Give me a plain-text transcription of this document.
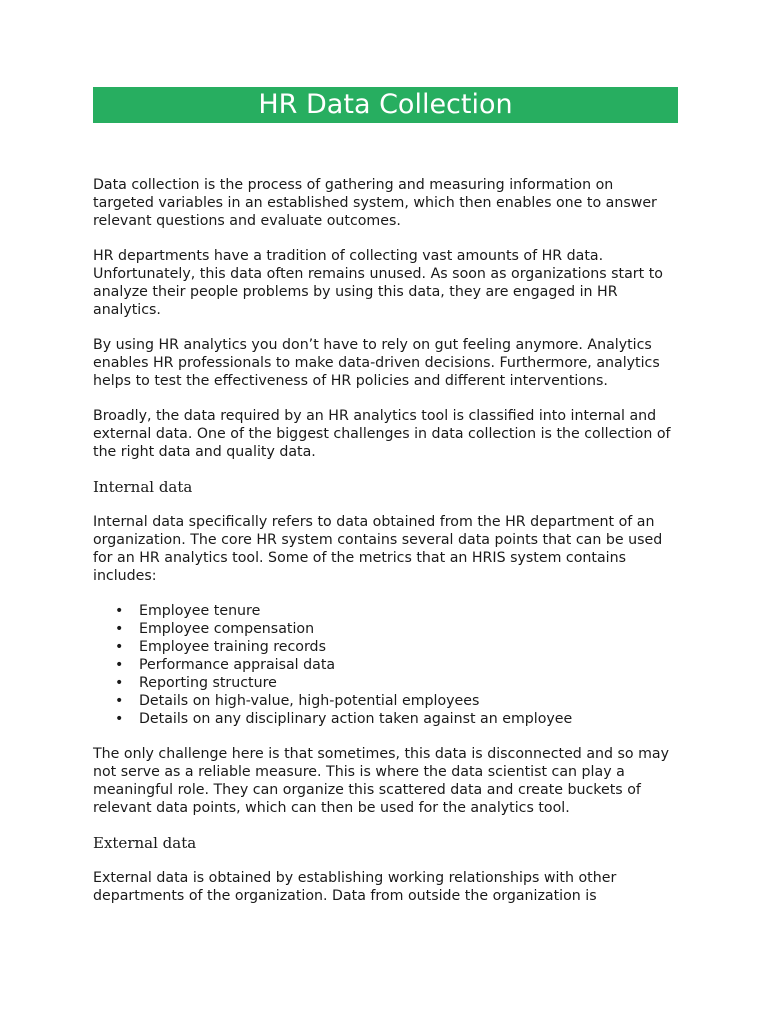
HR Data Collection

Data collection is the process of gathering and measuring information on targeted variables in an established system, which then enables one to answer relevant questions and evaluate outcomes.

HR departments have a tradition of collecting vast amounts of HR data. Unfortunately, this data often remains unused. As soon as organizations start to analyze their people problems by using this data, they are engaged in HR analytics.

By using HR analytics you don’t have to rely on gut feeling anymore. Analytics enables HR professionals to make data-driven decisions. Furthermore, analytics helps to test the effectiveness of HR policies and different interventions.

Broadly, the data required by an HR analytics tool is classified into internal and external data. One of the biggest challenges in data collection is the collection of the right data and quality data.

Internal data

Internal data specifically refers to data obtained from the HR department of an organization. The core HR system contains several data points that can be used for an HR analytics tool. Some of the metrics that an HRIS system contains includes:

• Employee tenure
• Employee compensation
• Employee training records
• Performance appraisal data
• Reporting structure
• Details on high-value, high-potential employees
• Details on any disciplinary action taken against an employee

The only challenge here is that sometimes, this data is disconnected and so may not serve as a reliable measure. This is where the data scientist can play a meaningful role. They can organize this scattered data and create buckets of relevant data points, which can then be used for the analytics tool.

External data

External data is obtained by establishing working relationships with other departments of the organization. Data from outside the organization is
